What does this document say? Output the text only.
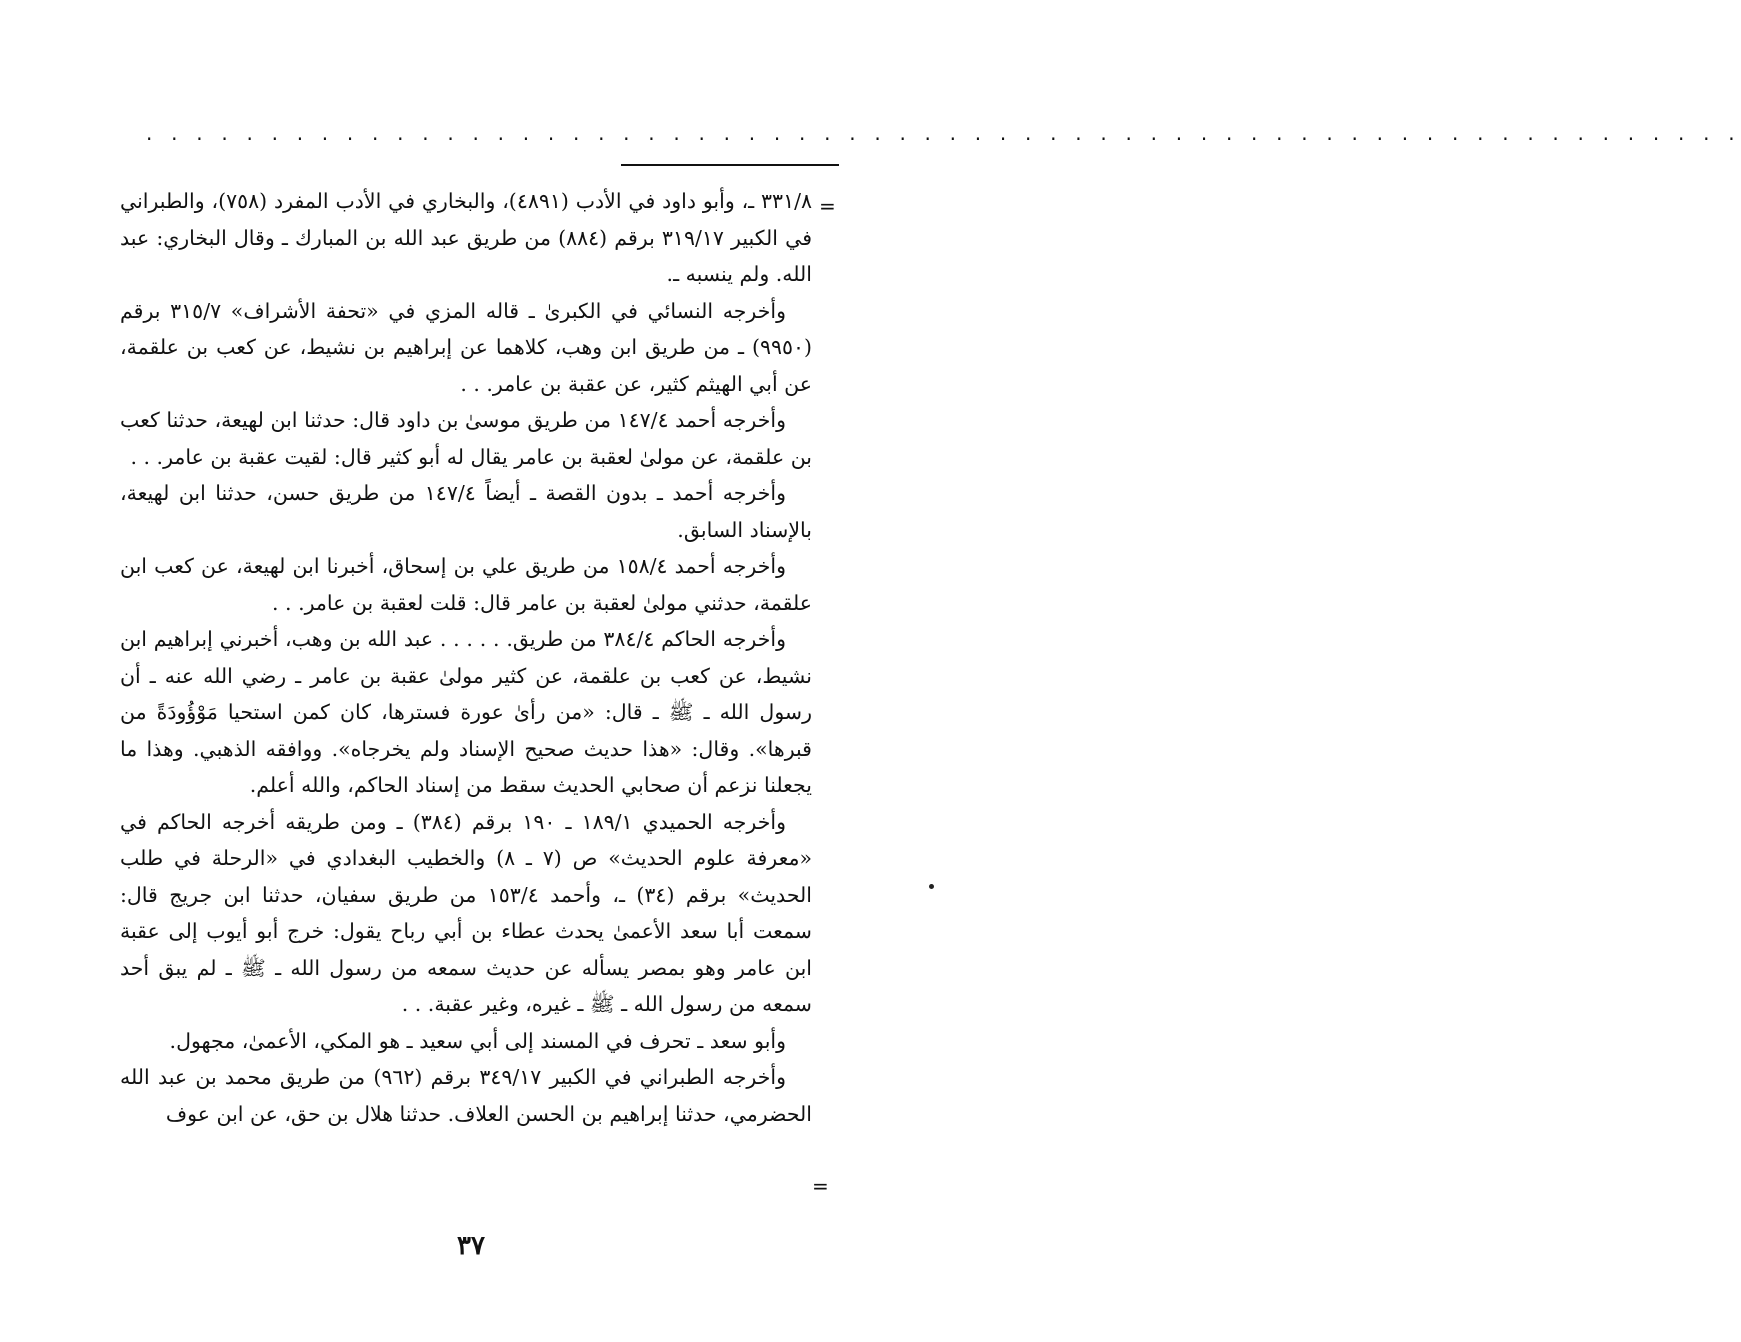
. . . . . . . . . . . . . . . . . . . . . . . . . . . . . . . . . . . . . . . . . . . . . . . . . . . . . . . . . . . . . . . .
=

٣٣١/٨ ـ، وأبو داود في الأدب (٤٨٩١)، والبخاري في الأدب المفرد (٧٥٨)، والطبراني في الكبير ٣١٩/١٧ برقم (٨٨٤) من طريق عبد الله بن المبارك ـ وقال البخاري: عبد الله. ولم ينسبه ـ.

وأخرجه النسائي في الكبرىٰ ـ قاله المزي في «تحفة الأشراف» ٣١٥/٧ برقم (٩٩٥٠) ـ من طريق ابن وهب، كلاهما عن إبراهيم بن نشيط، عن كعب بن علقمة، عن أبي الهيثم كثير، عن عقبة بن عامر. . .

وأخرجه أحمد ١٤٧/٤ من طريق موسىٰ بن داود قال: حدثنا ابن لهيعة، حدثنا كعب بن علقمة، عن مولىٰ لعقبة بن عامر يقال له أبو كثير قال: لقيت عقبة بن عامر. . .

وأخرجه أحمد ـ بدون القصة ـ أيضاً ١٤٧/٤ من طريق حسن، حدثنا ابن لهيعة، بالإسناد السابق.

وأخرجه أحمد ١٥٨/٤ من طريق علي بن إسحاق، أخبرنا ابن لهيعة، عن كعب ابن علقمة، حدثني مولىٰ لعقبة بن عامر قال: قلت لعقبة بن عامر. . .

وأخرجه الحاكم ٣٨٤/٤ من طريق. . . . . . عبد الله بن وهب، أخبرني إبراهيم ابن نشيط، عن كعب بن علقمة، عن كثير مولىٰ عقبة بن عامر ـ رضي الله عنه ـ أن رسول الله ـ ﷺ ـ قال: «من رأىٰ عورة فسترها، كان كمن استحيا مَوْؤُودَةً من قبرها». وقال: «هذا حديث صحيح الإسناد ولم يخرجاه». ووافقه الذهبي. وهذا ما يجعلنا نزعم أن صحابي الحديث سقط من إسناد الحاكم، والله أعلم.

وأخرجه الحميدي ١٨٩/١ ـ ١٩٠ برقم (٣٨٤) ـ ومن طريقه أخرجه الحاكم في «معرفة علوم الحديث» ص (٧ ـ ٨) والخطيب البغدادي في «الرحلة في طلب الحديث» برقم (٣٤) ـ، وأحمد ١٥٣/٤ من طريق سفيان، حدثنا ابن جريج قال: سمعت أبا سعد الأعمىٰ يحدث عطاء بن أبي رباح يقول: خرج أبو أيوب إلى عقبة ابن عامر وهو بمصر يسأله عن حديث سمعه من رسول الله ـ ﷺ ـ لم يبق أحد سمعه من رسول الله ـ ﷺ ـ غيره، وغير عقبة. . .

وأبو سعد ـ تحرف في المسند إلى أبي سعيد ـ هو المكي، الأعمىٰ، مجهول.

وأخرجه الطبراني في الكبير ٣٤٩/١٧ برقم (٩٦٢) من طريق محمد بن عبد الله الحضرمي، حدثنا إبراهيم بن الحسن العلاف. حدثنا هلال بن حق، عن ابن عوف

=
٣٧
